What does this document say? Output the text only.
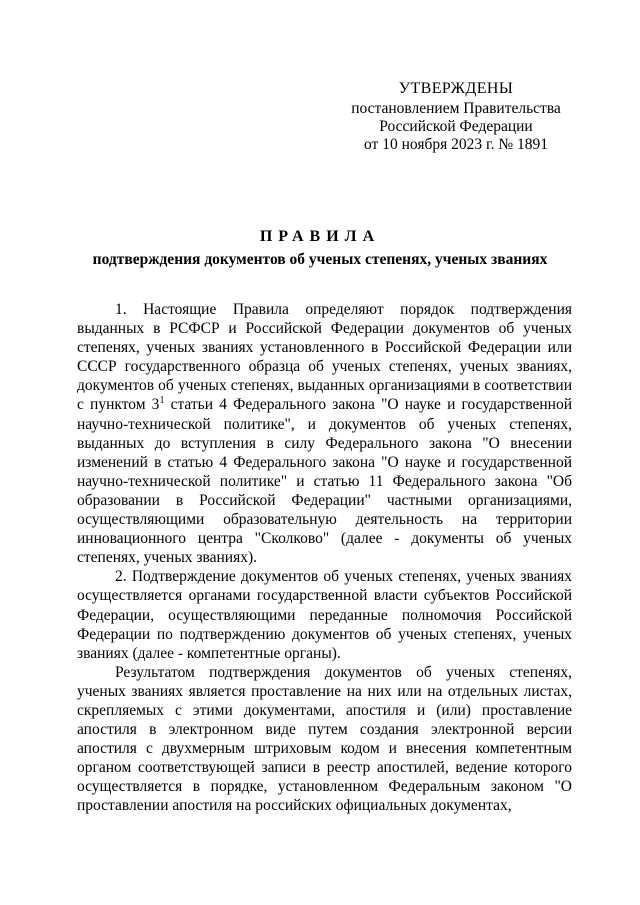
УТВЕРЖДЕНЫ
постановлением Правительства
Российской Федерации
от 10 ноября 2023 г. № 1891
ПРАВИЛА
подтверждения документов об ученых степенях, ученых званиях

1. Настоящие Правила определяют порядок подтверждения выданных в РСФСР и Российской Федерации документов об ученых степенях, ученых званиях установленного в Российской Федерации или СССР государственного образца об ученых степенях, ученых званиях, документов об ученых степенях, выданных организациями в соответствии с пунктом $3^1$ статьи 4 Федерального закона "О науке и государственной научно-технической политике", и документов об ученых степенях, выданных до вступления в силу Федерального закона "О внесении изменений в статью 4 Федерального закона "О науке и государственной научно-технической политике" и статью 11 Федерального закона "Об образовании в Российской Федерации" частными организациями, осуществляющими образовательную деятельность на территории инновационного центра "Сколково" (далее - документы об ученых степенях, ученых званиях).

2. Подтверждение документов об ученых степенях, ученых званиях осуществляется органами государственной власти субъектов Российской Федерации, осуществляющими переданные полномочия Российской Федерации по подтверждению документов об ученых степенях, ученых званиях (далее - компетентные органы).

Результатом подтверждения документов об ученых степенях, ученых званиях является проставление на них или на отдельных листах, скрепляемых с этими документами, апостиля и (или) проставление апостиля в электронном виде путем создания электронной версии апостиля с двухмерным штриховым кодом и внесения компетентным органом соответствующей записи в реестр апостилей, ведение которого осуществляется в порядке, установленном Федеральным законом "О проставлении апостиля на российских официальных документах,
